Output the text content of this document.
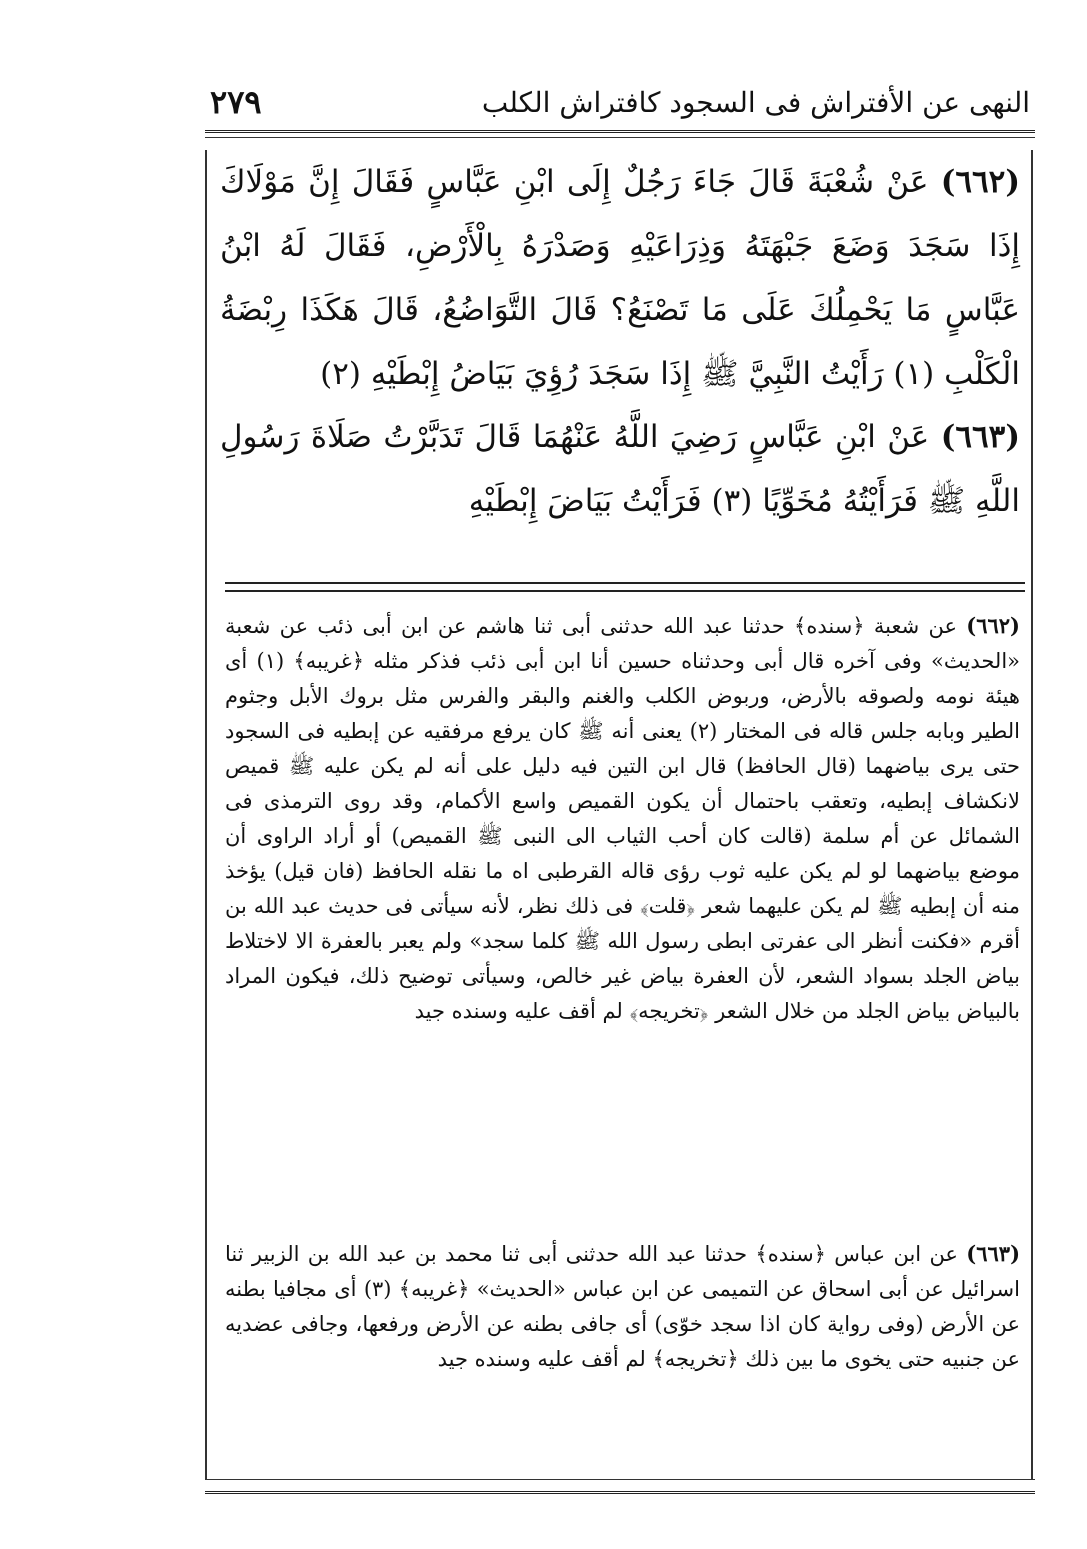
النهى عن الأفتراش فى السجود كافتراش الكلب
٢٧٩
(٦٦٢) عَنْ شُعْبَةَ قَالَ جَاءَ رَجُلٌ إِلَى ابْنِ عَبَّاسٍ فَقَالَ إِنَّ مَوْلَاكَ إِذَا سَجَدَ وَضَعَ جَبْهَتَهُ وَذِرَاعَيْهِ وَصَدْرَهُ بِالْأَرْضِ، فَقَالَ لَهُ ابْنُ عَبَّاسٍ مَا يَحْمِلُكَ عَلَى مَا تَصْنَعُ؟ قَالَ التَّوَاضُعُ، قَالَ هَكَذَا رِبْضَةُ الْكَلْبِ (١) رَأَيْتُ النَّبِيَّ ﷺ إِذَا سَجَدَ رُؤِيَ بَيَاضُ إِبْطَيْهِ (٢)
(٦٦٣) عَنْ ابْنِ عَبَّاسٍ رَضِيَ اللَّهُ عَنْهُمَا قَالَ تَدَبَّرْتُ صَلَاةَ رَسُولِ اللَّهِ ﷺ فَرَأَيْتُهُ مُخَوِّيًا (٣) فَرَأَيْتُ بَيَاضَ إِبْطَيْهِ
(٦٦٢) عن شعبة ﴿سنده﴾ حدثنا عبد الله حدثنى أبى ثنا هاشم عن ابن أبى ذئب عن شعبة «الحديث» وفى آخره قال أبى وحدثناه حسين أنا ابن أبى ذئب فذكر مثله ﴿غريبه﴾ (١) أى هيئة نومه ولصوقه بالأرض، وربوض الكلب والغنم والبقر والفرس مثل بروك الأبل وجثوم الطير وبابه جلس قاله فى المختار (٢) يعنى أنه ﷺ كان يرفع مرفقيه عن إبطيه فى السجود حتى يرى بياضهما (قال الحافظ) قال ابن التين فيه دليل على أنه لم يكن عليه ﷺ قميص لانكشاف إبطيه، وتعقب باحتمال أن يكون القميص واسع الأكمام، وقد روى الترمذى فى الشمائل عن أم سلمة (قالت كان أحب الثياب الى النبى ﷺ القميص) أو أراد الراوى أن موضع بياضهما لو لم يكن عليه ثوب رؤى قاله القرطبى اه ما نقله الحافظ (فان قيل) يؤخذ منه أن إبطيه ﷺ لم يكن عليهما شعر ﴿قلت﴾ فى ذلك نظر، لأنه سيأتى فى حديث عبد الله بن أقرم «فكنت أنظر الى عفرتى ابطى رسول الله ﷺ كلما سجد» ولم يعبر بالعفرة الا لاختلاط بياض الجلد بسواد الشعر، لأن العفرة بياض غير خالص، وسيأتى توضيح ذلك، فيكون المراد بالبياض بياض الجلد من خلال الشعر ﴿تخريجه﴾ لم أقف عليه وسنده جيد
(٦٦٣) عن ابن عباس ﴿سنده﴾ حدثنا عبد الله حدثنى أبى ثنا محمد بن عبد الله بن الزبير ثنا اسرائيل عن أبى اسحاق عن التميمى عن ابن عباس «الحديث» ﴿غريبه﴾ (٣) أى مجافيا بطنه عن الأرض (وفى رواية كان اذا سجد خوّى) أى جافى بطنه عن الأرض ورفعها، وجافى عضديه عن جنبيه حتى يخوى ما بين ذلك ﴿تخريجه﴾ لم أقف عليه وسنده جيد
